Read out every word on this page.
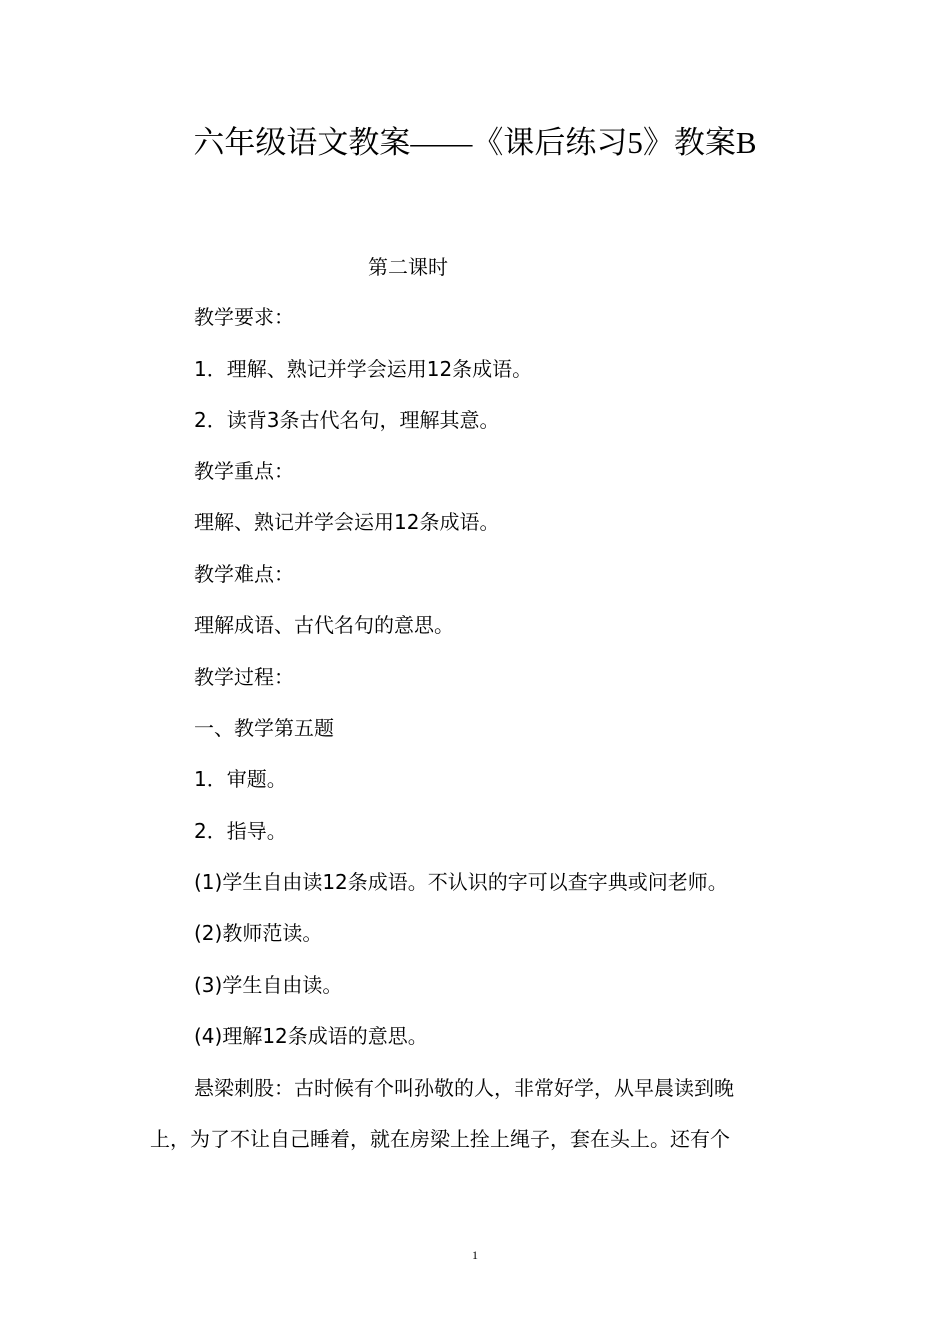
六年级语文教案——《课后练习5》教案B
第二课时
教学要求：
1．理解、熟记并学会运用12条成语。
2．读背3条古代名句，理解其意。
教学重点：
理解、熟记并学会运用12条成语。
教学难点：
理解成语、古代名句的意思。
教学过程：
一、教学第五题
1．审题。
2．指导。
(1)学生自由读12条成语。不认识的字可以查字典或问老师。
(2)教师范读。
(3)学生自由读。
(4)理解12条成语的意思。
悬梁刺股：古时候有个叫孙敬的人，非常好学，从早晨读到晚
上，为了不让自己睡着，就在房梁上拴上绳子，套在头上。还有个
1
